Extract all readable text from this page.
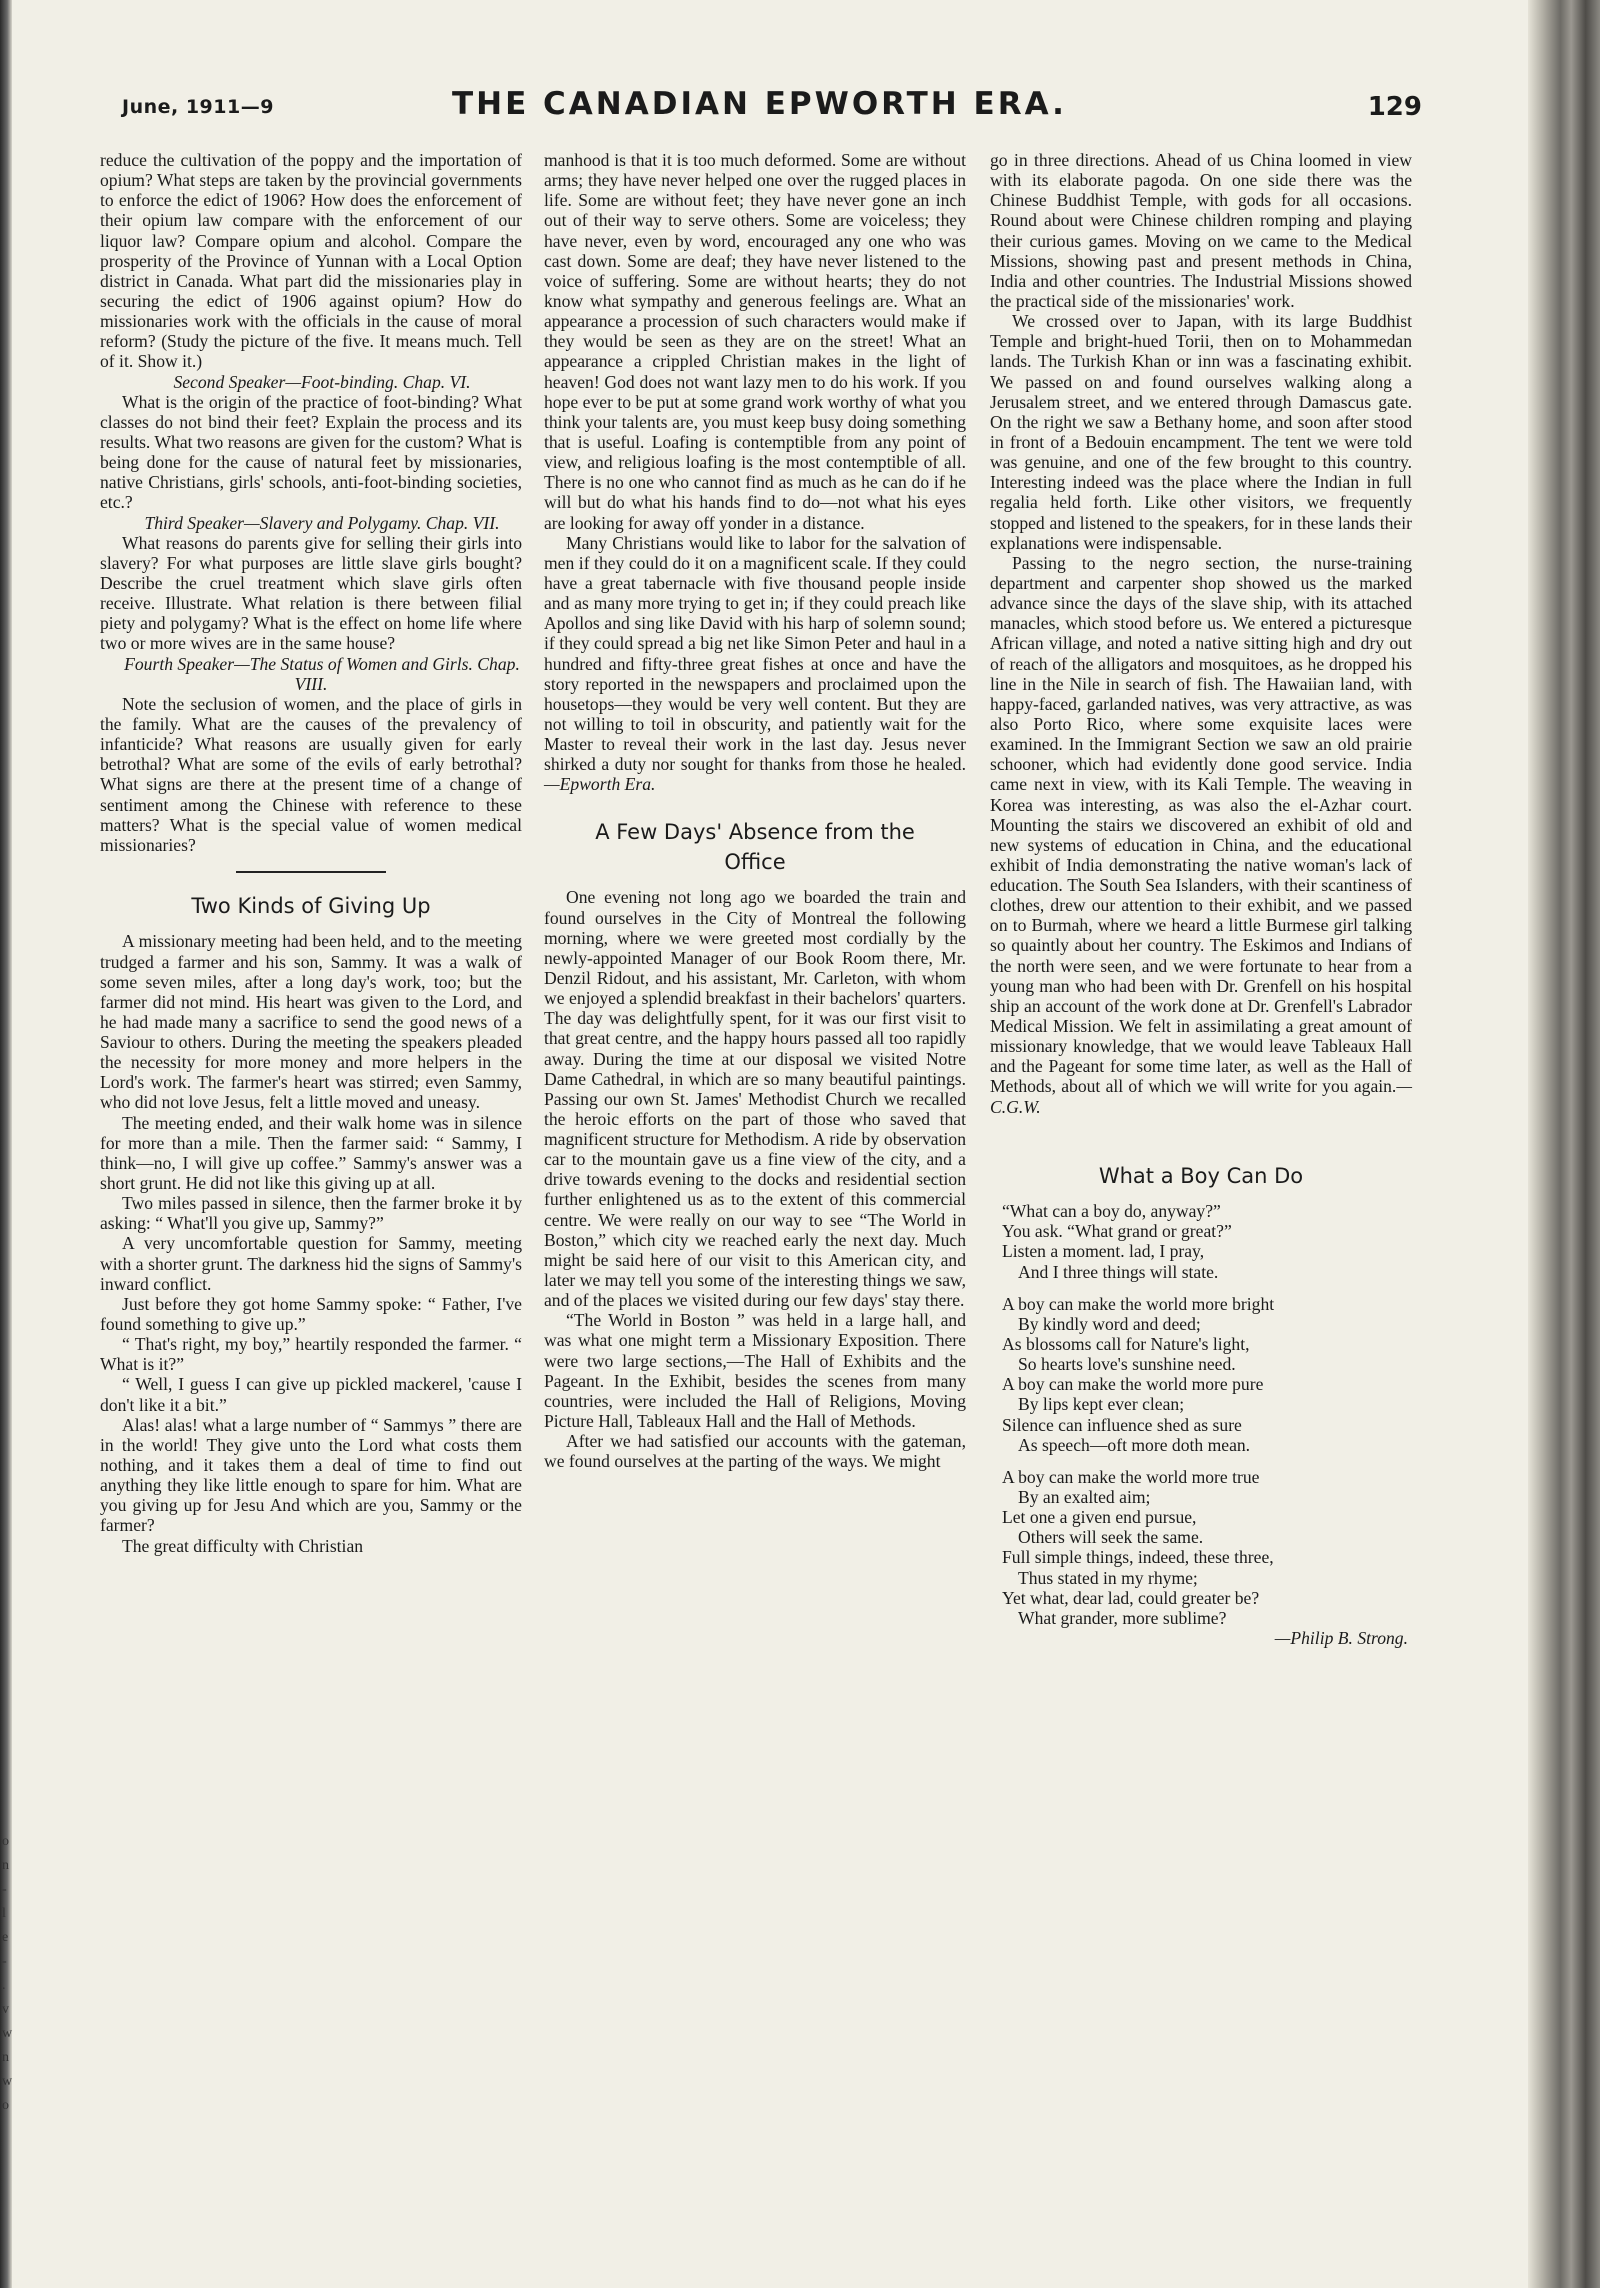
o
n
-
l
e
-
.
v
w
n
w
o
June, 1911—9	THE CANADIAN EPWORTH ERA.	129

reduce the cultivation of the poppy and the importation of opium? What steps are taken by the provincial governments to enforce the edict of 1906? How does the enforcement of their opium law compare with the enforcement of our liquor law? Compare opium and alcohol. Compare the prosperity of the Province of Yunnan with a Local Option district in Canada. What part did the missionaries play in securing the edict of 1906 against opium? How do missionaries work with the officials in the cause of moral reform? (Study the picture of the five. It means much. Tell of it. Show it.)

Second Speaker—Foot-binding. Chap. VI.

What is the origin of the practice of foot-binding? What classes do not bind their feet? Explain the process and its results. What two reasons are given for the custom? What is being done for the cause of natural feet by missionaries, native Christians, girls' schools, anti-foot-binding societies, etc.?

Third Speaker—Slavery and Polygamy. Chap. VII.

What reasons do parents give for selling their girls into slavery? For what purposes are little slave girls bought? Describe the cruel treatment which slave girls often receive. Illustrate. What relation is there between filial piety and polygamy? What is the effect on home life where two or more wives are in the same house?

Fourth Speaker—The Status of Women and Girls. Chap. VIII.

Note the seclusion of women, and the place of girls in the family. What are the causes of the prevalency of infanticide? What reasons are usually given for early betrothal? What are some of the evils of early betrothal? What signs are there at the present time of a change of sentiment among the Chinese with reference to these matters? What is the special value of women medical missionaries?

Two Kinds of Giving Up

A missionary meeting had been held, and to the meeting trudged a farmer and his son, Sammy. It was a walk of some seven miles, after a long day's work, too; but the farmer did not mind. His heart was given to the Lord, and he had made many a sacrifice to send the good news of a Saviour to others. During the meeting the speakers pleaded the necessity for more money and more helpers in the Lord's work. The farmer's heart was stirred; even Sammy, who did not love Jesus, felt a little moved and uneasy.

The meeting ended, and their walk home was in silence for more than a mile. Then the farmer said: “ Sammy, I think—no, I will give up coffee.” Sammy's answer was a short grunt. He did not like this giving up at all.

Two miles passed in silence, then the farmer broke it by asking: “ What'll you give up, Sammy?”

A very uncomfortable question for Sammy, meeting with a shorter grunt. The darkness hid the signs of Sammy's inward conflict.

Just before they got home Sammy spoke: “ Father, I've found something to give up.”

“ That's right, my boy,” heartily responded the farmer. “ What is it?”

“ Well, I guess I can give up pickled mackerel, 'cause I don't like it a bit.”

Alas! alas! what a large number of “ Sammys ” there are in the world! They give unto the Lord what costs them nothing, and it takes them a deal of time to find out anything they like little enough to spare for him. What are you giving up for Jesu And which are you, Sammy or the farmer?

The great difficulty with Christian

manhood is that it is too much deformed. Some are without arms; they have never helped one over the rugged places in life. Some are without feet; they have never gone an inch out of their way to serve others. Some are voiceless; they have never, even by word, encouraged any one who was cast down. Some are deaf; they have never listened to the voice of suffering. Some are without hearts; they do not know what sympathy and generous feelings are. What an appearance a procession of such characters would make if they would be seen as they are on the street! What an appearance a crippled Christian makes in the light of heaven! God does not want lazy men to do his work. If you hope ever to be put at some grand work worthy of what you think your talents are, you must keep busy doing something that is useful. Loafing is contemptible from any point of view, and religious loafing is the most contemptible of all. There is no one who cannot find as much as he can do if he will but do what his hands find to do—not what his eyes are looking for away off yonder in a distance.

Many Christians would like to labor for the salvation of men if they could do it on a magnificent scale. If they could have a great tabernacle with five thousand people inside and as many more trying to get in; if they could preach like Apollos and sing like David with his harp of solemn sound; if they could spread a big net like Simon Peter and haul in a hundred and fifty-three great fishes at once and have the story reported in the newspapers and proclaimed upon the housetops—they would be very well content. But they are not willing to toil in obscurity, and patiently wait for the Master to reveal their work in the last day. Jesus never shirked a duty nor sought for thanks from those he healed.—Epworth Era.

A Few Days' Absence from the
Office

One evening not long ago we boarded the train and found ourselves in the City of Montreal the following morning, where we were greeted most cordially by the newly-appointed Manager of our Book Room there, Mr. Denzil Ridout, and his assistant, Mr. Carleton, with whom we enjoyed a splendid breakfast in their bachelors' quarters. The day was delightfully spent, for it was our first visit to that great centre, and the happy hours passed all too rapidly away. During the time at our disposal we visited Notre Dame Cathedral, in which are so many beautiful paintings. Passing our own St. James' Methodist Church we recalled the heroic efforts on the part of those who saved that magnificent structure for Methodism. A ride by observation car to the mountain gave us a fine view of the city, and a drive towards evening to the docks and residential section further enlightened us as to the extent of this commercial centre. We were really on our way to see “The World in Boston,” which city we reached early the next day. Much might be said here of our visit to this American city, and later we may tell you some of the interesting things we saw, and of the places we visited during our few days' stay there.

“The World in Boston ” was held in a large hall, and was what one might term a Missionary Exposition. There were two large sections,—The Hall of Exhibits and the Pageant. In the Exhibit, besides the scenes from many countries, were included the Hall of Religions, Moving Picture Hall, Tableaux Hall and the Hall of Methods.

After we had satisfied our accounts with the gateman, we found ourselves at the parting of the ways. We might

go in three directions. Ahead of us China loomed in view with its elaborate pagoda. On one side there was the Chinese Buddhist Temple, with gods for all occasions. Round about were Chinese children romping and playing their curious games. Moving on we came to the Medical Missions, showing past and present methods in China, India and other countries. The Industrial Missions showed the practical side of the missionaries' work.

We crossed over to Japan, with its large Buddhist Temple and bright-hued Torii, then on to Mohammedan lands. The Turkish Khan or inn was a fascinating exhibit. We passed on and found ourselves walking along a Jerusalem street, and we entered through Damascus gate. On the right we saw a Bethany home, and soon after stood in front of a Bedouin encampment. The tent we were told was genuine, and one of the few brought to this country. Interesting indeed was the place where the Indian in full regalia held forth. Like other visitors, we frequently stopped and listened to the speakers, for in these lands their explanations were indispensable.

Passing to the negro section, the nurse-training department and carpenter shop showed us the marked advance since the days of the slave ship, with its attached manacles, which stood before us. We entered a picturesque African village, and noted a native sitting high and dry out of reach of the alligators and mosquitoes, as he dropped his line in the Nile in search of fish. The Hawaiian land, with happy-faced, garlanded natives, was very attractive, as was also Porto Rico, where some exquisite laces were examined. In the Immigrant Section we saw an old prairie schooner, which had evidently done good service. India came next in view, with its Kali Temple. The weaving in Korea was interesting, as was also the el-Azhar court. Mounting the stairs we discovered an exhibit of old and new systems of education in China, and the educational exhibit of India demonstrating the native woman's lack of education. The South Sea Islanders, with their scantiness of clothes, drew our attention to their exhibit, and we passed on to Burmah, where we heard a little Burmese girl talking so quaintly about her country. The Eskimos and Indians of the north were seen, and we were fortunate to hear from a young man who had been with Dr. Grenfell on his hospital ship an account of the work done at Dr. Grenfell's Labrador Medical Mission. We felt in assimilating a great amount of missionary knowledge, that we would leave Tableaux Hall and the Pageant for some time later, as well as the Hall of Methods, about all of which we will write for you again.—C.G.W.

What a Boy Can Do
“What can a boy do, anyway?”
You ask. “What grand or great?”
Listen a moment. lad, I pray,
And I three things will state.
A boy can make the world more bright
By kindly word and deed;
As blossoms call for Nature's light,
So hearts love's sunshine need.
A boy can make the world more pure
By lips kept ever clean;
Silence can influence shed as sure
As speech—oft more doth mean.
A boy can make the world more true
By an exalted aim;
Let one a given end pursue,
Others will seek the same.
Full simple things, indeed, these three,
Thus stated in my rhyme;
Yet what, dear lad, could greater be?
What grander, more sublime?
—Philip B. Strong.
